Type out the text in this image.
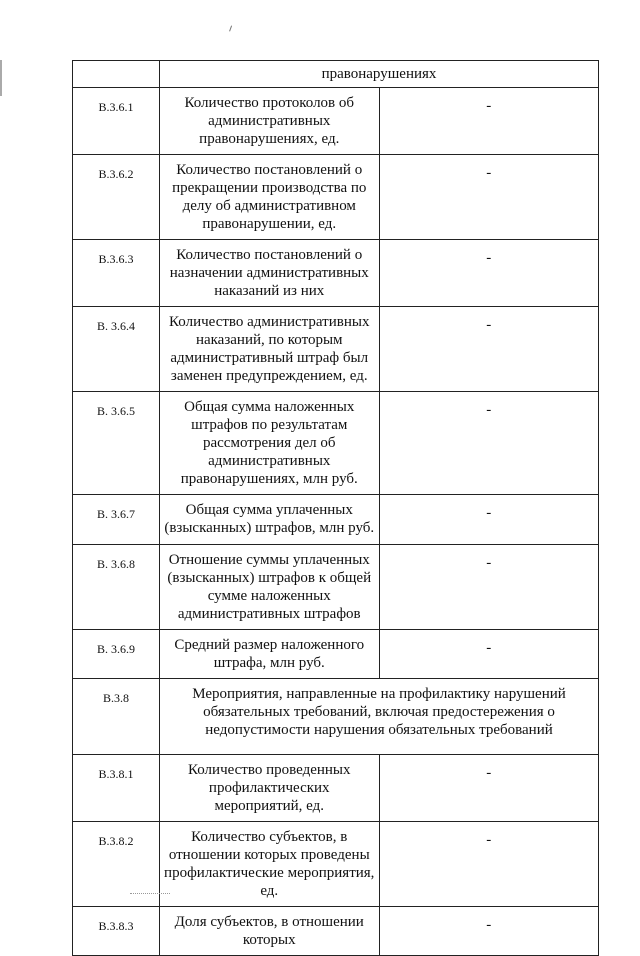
	правонарушениях	
В.3.6.1	Количество протоколов об административных правонарушениях, ед.	-
В.3.6.2	Количество постановлений о прекращении производства по делу об административном правонарушении, ед.	-
В.3.6.3	Количество постановлений о назначении административных наказаний из них	-
В. 3.6.4	Количество административных наказаний, по которым административный штраф был заменен предупреждением, ед.	-
В. 3.6.5	Общая сумма наложенных штрафов по результатам рассмотрения дел об административных правонарушениях, млн руб.	-
В. 3.6.7	Общая сумма уплаченных (взысканных) штрафов, млн руб.	-
В. 3.6.8	Отношение суммы уплаченных (взысканных) штрафов к общей сумме наложенных административных штрафов	-
В. 3.6.9	Средний размер наложенного штрафа, млн руб.	-
В.3.8	Мероприятия, направленные на профилактику нарушений обязательных требований, включая предостережения о недопустимости нарушения обязательных требований	
В.3.8.1	Количество проведенных профилактических мероприятий, ед.	-
В.3.8.2	Количество субъектов, в отношении которых проведены профилактические мероприятия, ед.	-
В.3.8.3	Доля субъектов, в отношении которых	-
